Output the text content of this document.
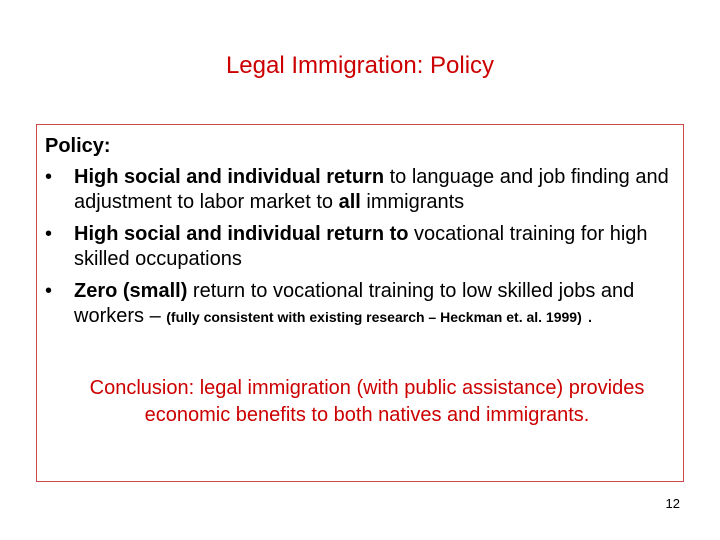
Legal Immigration: Policy
Policy:
• High social and individual return to language and job finding and adjustment to labor market to all immigrants
• High social and individual return to vocational training for high skilled occupations
• Zero (small) return to vocational training to low skilled jobs and workers – (fully consistent with existing research – Heckman et. al. 1999) .
Conclusion: legal immigration (with public assistance) provides economic benefits to both natives and immigrants.
12
